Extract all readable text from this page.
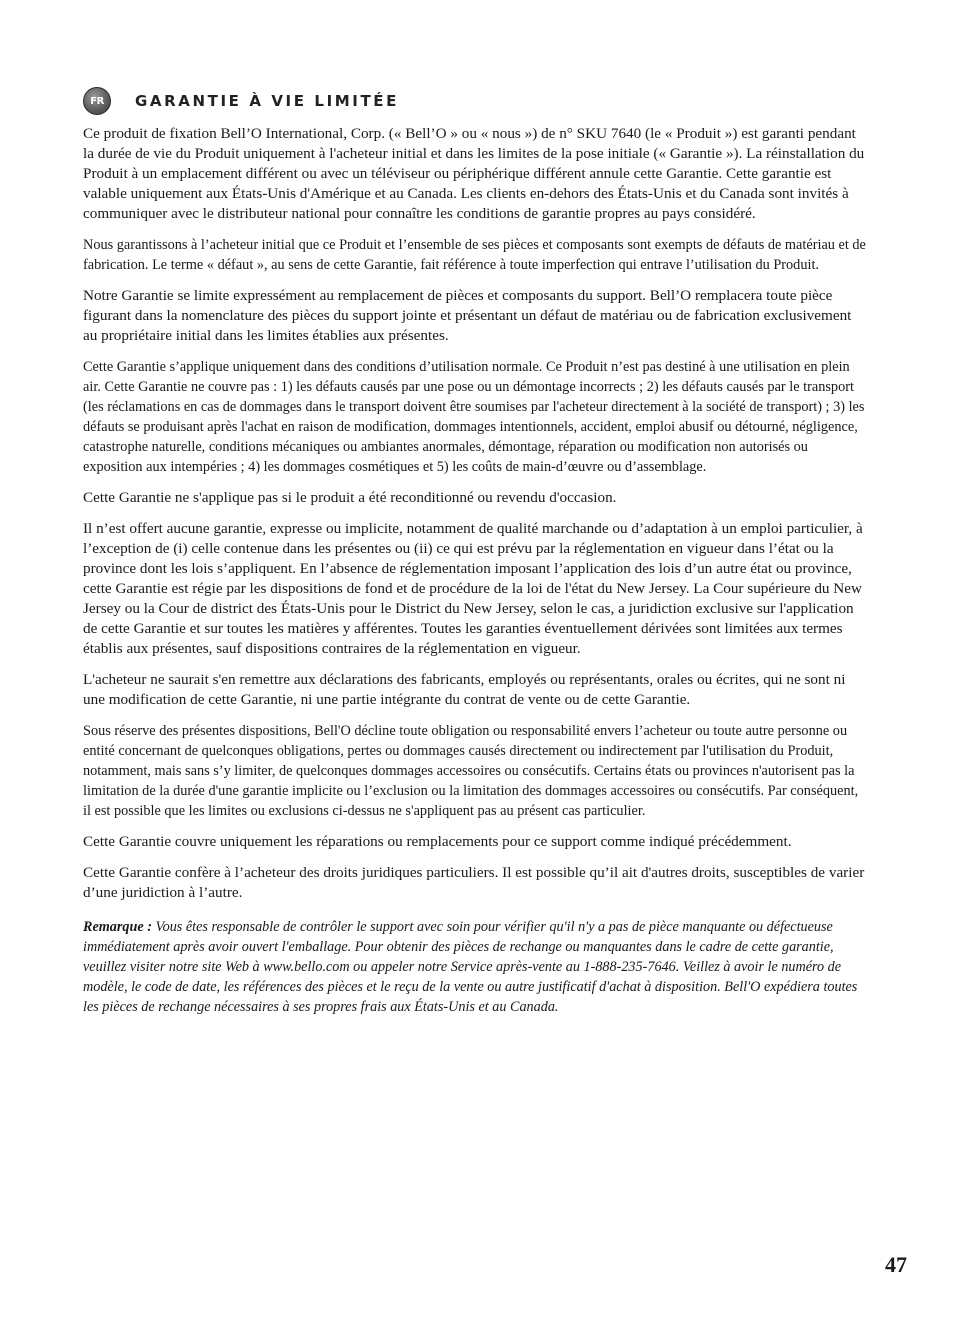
FR	GARANTIE À VIE LIMITÉE

Ce produit de fixation Bell’O International, Corp. (« Bell’O » ou « nous ») de n° SKU 7640 (le « Produit ») est garanti pendant la durée de vie du Produit uniquement à l'acheteur initial et dans les limites de la pose initiale (« Garantie »). La réinstallation du Produit à un emplacement différent ou avec un téléviseur ou périphérique différent annule cette Garantie. Cette garantie est valable uniquement aux États-Unis d'Amérique et au Canada. Les clients en-dehors des États-Unis et du Canada sont invités à communiquer avec le distributeur national pour connaître les conditions de garantie propres au pays considéré.

Nous garantissons à l’acheteur initial que ce Produit et l’ensemble de ses pièces et composants sont exempts de défauts de matériau et de fabrication. Le terme « défaut », au sens de cette Garantie, fait référence à toute imperfection qui entrave l’utilisation du Produit.

Notre Garantie se limite expressément au remplacement de pièces et composants du support. Bell’O remplacera toute pièce figurant dans la nomenclature des pièces du support jointe et présentant un défaut de matériau ou de fabrication exclusivement au propriétaire initial dans les limites établies aux présentes.

Cette Garantie s’applique uniquement dans des conditions d’utilisation normale. Ce Produit n’est pas destiné à une utilisation en plein air. Cette Garantie ne couvre pas : 1) les défauts causés par une pose ou un démontage incorrects ; 2) les défauts causés par le transport (les réclamations en cas de dommages dans le transport doivent être soumises par l'acheteur directement à la société de transport) ; 3) les défauts se produisant après l'achat en raison de modification, dommages intentionnels, accident, emploi abusif ou détourné, négligence, catastrophe naturelle, conditions mécaniques ou ambiantes anormales, démontage, réparation ou modification non autorisés ou exposition aux intempéries ; 4) les dommages cosmétiques et 5) les coûts de main-d’œuvre ou d’assemblage.

Cette Garantie ne s'applique pas si le produit a été reconditionné ou revendu d'occasion.

Il n’est offert aucune garantie, expresse ou implicite, notamment de qualité marchande ou d’adaptation à un emploi particulier, à l’exception de (i) celle contenue dans les présentes ou (ii) ce qui est prévu par la réglementation en vigueur dans l’état ou la province dont les lois s’appliquent. En l’absence de réglementation imposant l’application des lois d’un autre état ou province, cette Garantie est régie par les dispositions de fond et de procédure de la loi de l'état du New Jersey. La Cour supérieure du New Jersey ou la Cour de district des États-Unis pour le District du New Jersey, selon le cas, a juridiction exclusive sur l'application de cette Garantie et sur toutes les matières y afférentes. Toutes les garanties éventuellement dérivées sont limitées aux termes établis aux présentes, sauf dispositions contraires de la réglementation en vigueur.

L'acheteur ne saurait s'en remettre aux déclarations des fabricants, employés ou représentants, orales ou écrites, qui ne sont ni une modification de cette Garantie, ni une partie intégrante du contrat de vente ou de cette Garantie.

Sous réserve des présentes dispositions, Bell'O décline toute obligation ou responsabilité envers l’acheteur ou toute autre personne ou entité concernant de quelconques obligations, pertes ou dommages causés directement ou indirectement par l'utilisation du Produit, notamment, mais sans s’y limiter, de quelconques dommages accessoires ou consécutifs. Certains états ou provinces n'autorisent pas la limitation de la durée d'une garantie implicite ou l’exclusion ou la limitation des dommages accessoires ou consécutifs. Par conséquent, il est possible que les limites ou exclusions ci-dessus ne s'appliquent pas au présent cas particulier.

Cette Garantie couvre uniquement les réparations ou remplacements pour ce support comme indiqué précédemment.

Cette Garantie confère à l’acheteur des droits juridiques particuliers. Il est possible qu’il ait d'autres droits, susceptibles de varier d’une juridiction à l’autre.

Remarque : Vous êtes responsable de contrôler le support avec soin pour vérifier qu'il n'y a pas de pièce manquante ou défectueuse immédiatement après avoir ouvert l'emballage. Pour obtenir des pièces de rechange ou manquantes dans le cadre de cette garantie, veuillez visiter notre site Web à www.bello.com ou appeler notre Service après-vente au 1-888-235-7646. Veillez à avoir le numéro de modèle, le code de date, les références des pièces et le reçu de la vente ou autre justificatif d'achat à disposition. Bell'O expédiera toutes les pièces de rechange nécessaires à ses propres frais aux États-Unis et au Canada.

47
